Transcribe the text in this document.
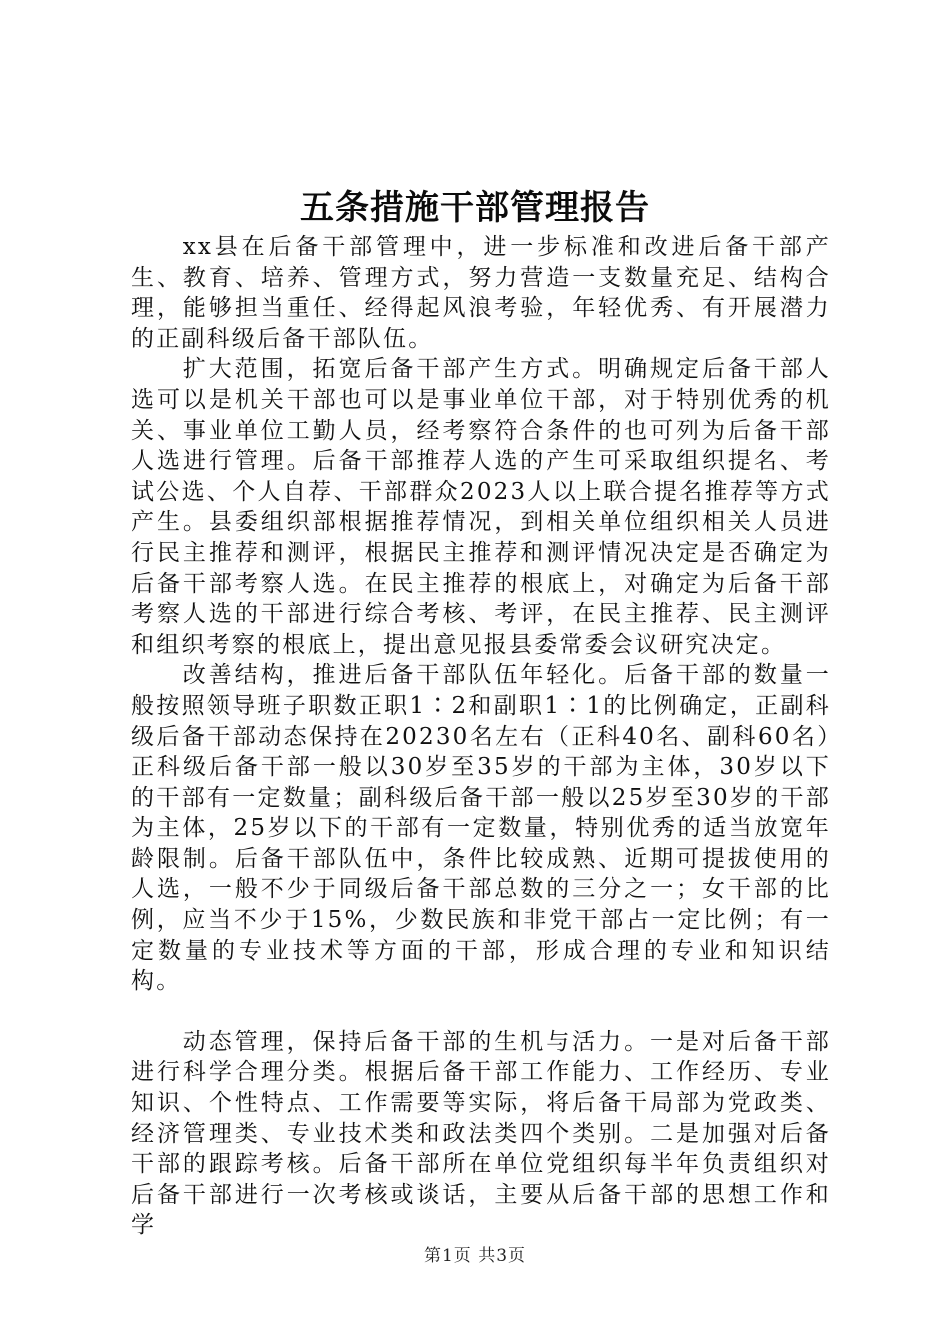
五条措施干部管理报告

xx县在后备干部管理中，进一步标准和改进后备干部产生、教育、培养、管理方式，努力营造一支数量充足、结构合理，能够担当重任、经得起风浪考验，年轻优秀、有开展潜力的正副科级后备干部队伍。

扩大范围，拓宽后备干部产生方式。明确规定后备干部人选可以是机关干部也可以是事业单位干部，对于特别优秀的机关、事业单位工勤人员，经考察符合条件的也可列为后备干部人选进行管理。后备干部推荐人选的产生可采取组织提名、考试公选、个人自荐、干部群众2023人以上联合提名推荐等方式产生。县委组织部根据推荐情况，到相关单位组织相关人员进行民主推荐和测评，根据民主推荐和测评情况决定是否确定为后备干部考察人选。在民主推荐的根底上，对确定为后备干部考察人选的干部进行综合考核、考评，在民主推荐、民主测评和组织考察的根底上，提出意见报县委常委会议研究决定。

改善结构，推进后备干部队伍年轻化。后备干部的数量一般按照领导班子职数正职1∶2和副职1∶1的比例确定，正副科级后备干部动态保持在20230名左右（正科40名、副科60名）正科级后备干部一般以30岁至35岁的干部为主体，30岁以下的干部有一定数量；副科级后备干部一般以25岁至30岁的干部为主体，25岁以下的干部有一定数量，特别优秀的适当放宽年龄限制。后备干部队伍中，条件比较成熟、近期可提拔使用的人选，一般不少于同级后备干部总数的三分之一；女干部的比例，应当不少于15%，少数民族和非党干部占一定比例；有一定数量的专业技术等方面的干部，形成合理的专业和知识结构。

动态管理，保持后备干部的生机与活力。一是对后备干部进行科学合理分类。根据后备干部工作能力、工作经历、专业知识、个性特点、工作需要等实际，将后备干局部为党政类、经济管理类、专业技术类和政法类四个类别。二是加强对后备干部的跟踪考核。后备干部所在单位党组织每半年负责组织对后备干部进行一次考核或谈话，主要从后备干部的思想工作和学

第1页 共3页
